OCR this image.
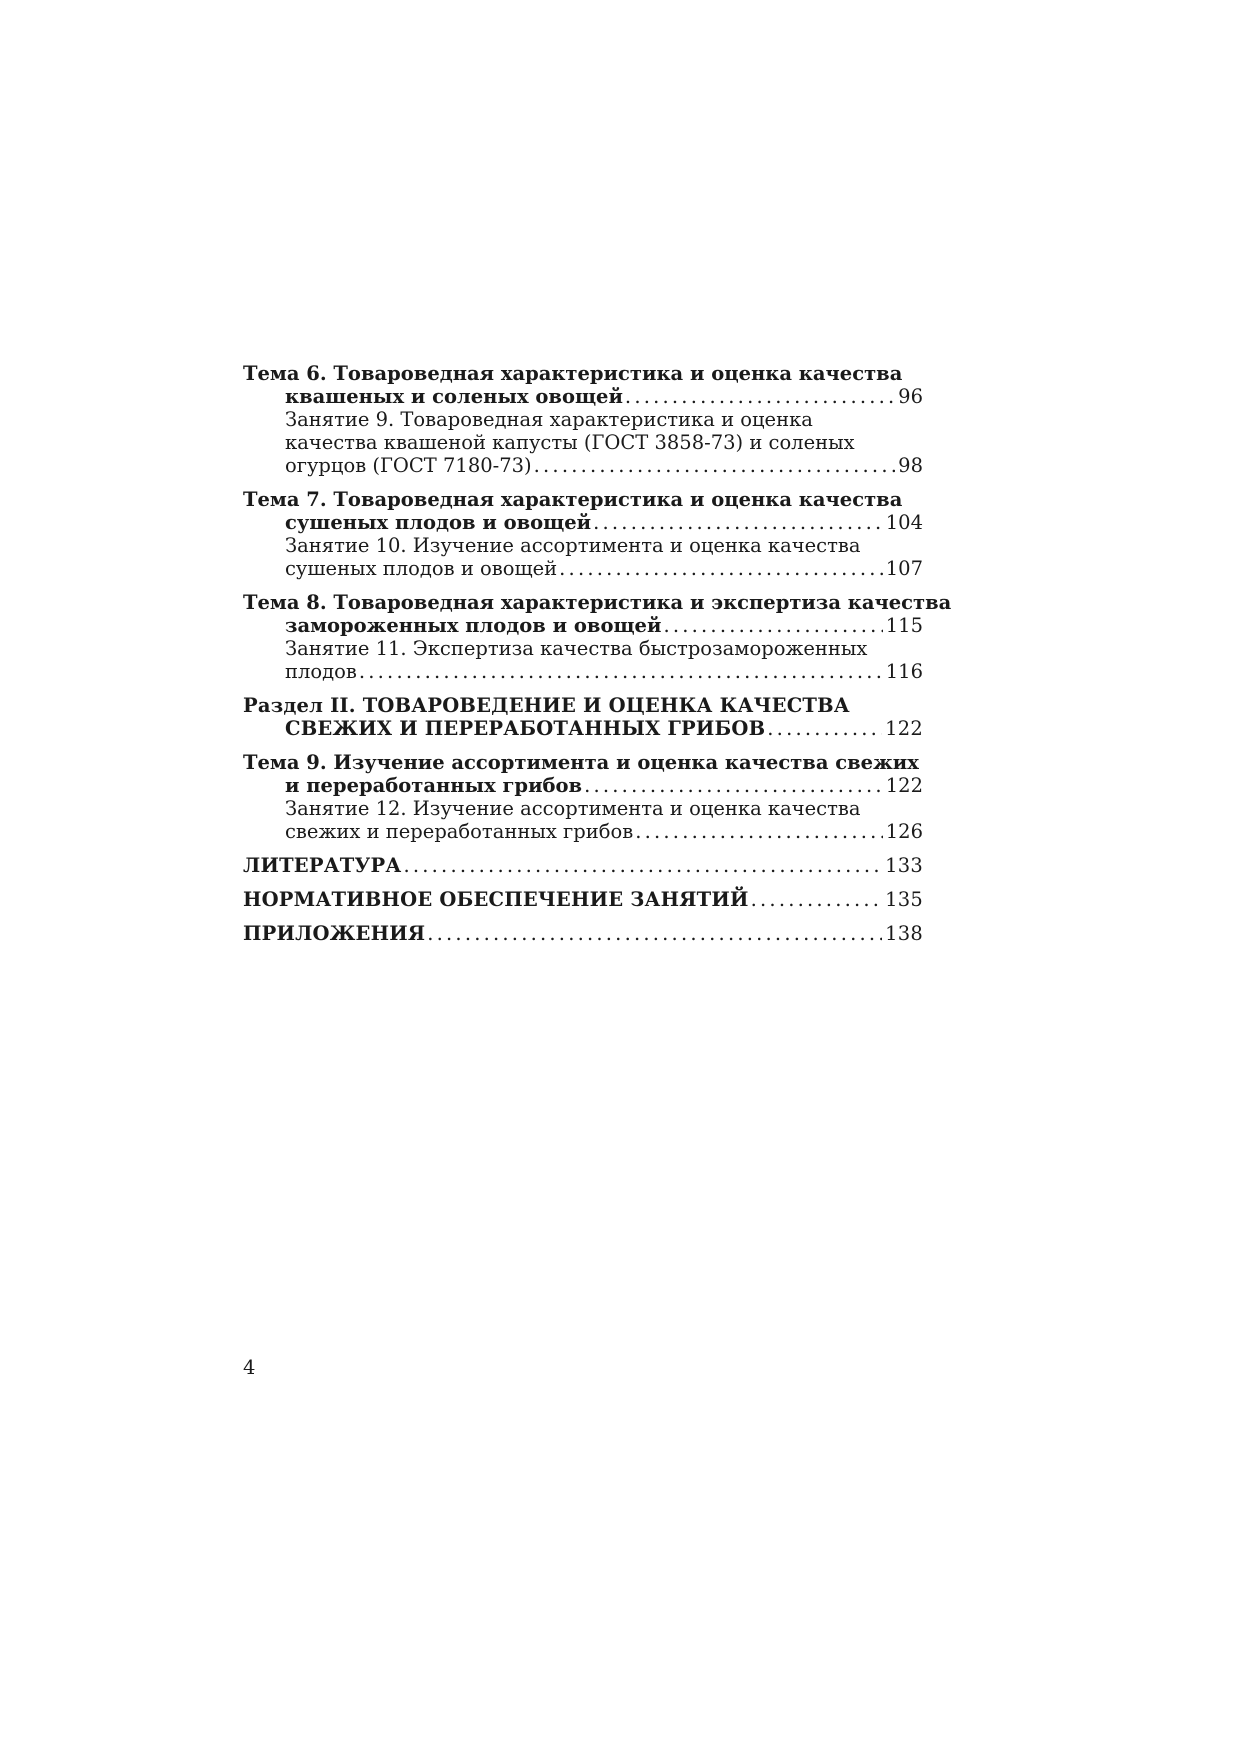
Тема 6. Товароведная характеристика и оценка качества
квашеных и соленых овощей . . .	96
Занятие 9. Товароведная характеристика и оценка
качества квашеной капусты (ГОСТ 3858-73) и соленых
огурцов (ГОСТ 7180-73) . . .	98
Тема 7. Товароведная характеристика и оценка качества
сушеных плодов и овощей . . .	104
Занятие 10. Изучение ассортимента и оценка качества
сушеных плодов и овощей . . .	107
Тема 8. Товароведная характеристика и экспертиза качества
замороженных плодов и овощей . . .	115
Занятие 11. Экспертиза качества быстрозамороженных
плодов . . .	116
Раздел II. ТОВАРОВЕДЕНИЕ И ОЦЕНКА КАЧЕСТВА
СВЕЖИХ И ПЕРЕРАБОТАННЫХ ГРИБОВ . . .	122
Тема 9. Изучение ассортимента и оценка качества свежих
и переработанных грибов . . .	122
Занятие 12. Изучение ассортимента и оценка качества
свежих и переработанных грибов . . .	126
ЛИТЕРАТУРА . . .	133
НОРМАТИВНОЕ ОБЕСПЕЧЕНИЕ ЗАНЯТИЙ . . .	135
ПРИЛОЖЕНИЯ . . .	138
4
